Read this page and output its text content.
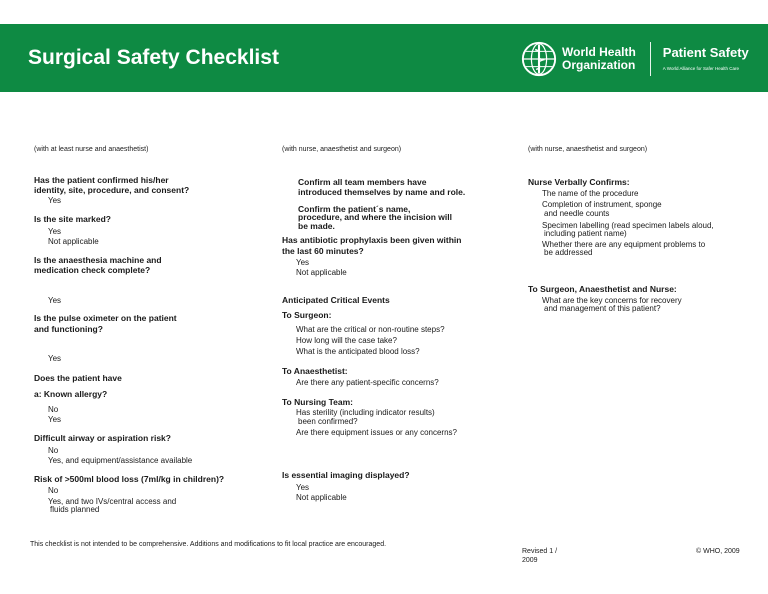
Surgical Safety Checklist	World Health
Organization
Patient Safety
A World Alliance for Safer Health Care
(with at least nurse and anaesthetist)
Has the patient confirmed his/her
identity, site, procedure, and consent?
Yes
Is the site marked?
Yes
Not applicable
Is the anaesthesia machine and
medication check complete?
Yes
Is the pulse oximeter on the patient
and functioning?
Yes
Does the patient have
a: Known allergy?
No
Yes
Difficult airway or aspiration risk?
No
Yes, and equipment/assistance available
Risk of >500ml blood loss (7ml/kg in children)?
No
Yes, and two IVs/central access and
fluids planned
(with nurse, anaesthetist and surgeon)
Confirm all team members have
introduced themselves by name and role.
Confirm the patient´s name,
procedure, and where the incision will
be made.
Has antibiotic prophylaxis been given within
the last 60 minutes?
Yes
Not applicable
Anticipated Critical Events
To Surgeon:
What are the critical or non-routine steps?
How long will the case take?
What is the anticipated blood loss?
To Anaesthetist:
Are there any patient-specific concerns?
To Nursing Team:
Has sterility (including indicator results)
been confirmed?
Are there equipment issues or any concerns?
Is essential imaging displayed?
Yes
Not applicable
(with nurse, anaesthetist and surgeon)
Nurse Verbally Confirms:
The name of the procedure
Completion of instrument, sponge
and needle counts
Specimen labelling (read specimen labels aloud,
including patient name)
Whether there are any equipment problems to
be addressed
To Surgeon, Anaesthetist and Nurse:
What are the key concerns for recovery
and management of this patient?
This checklist is not intended to be comprehensive. Additions and modifications to fit local practice are encouraged.
Revised 1 /
2009
© WHO, 2009
